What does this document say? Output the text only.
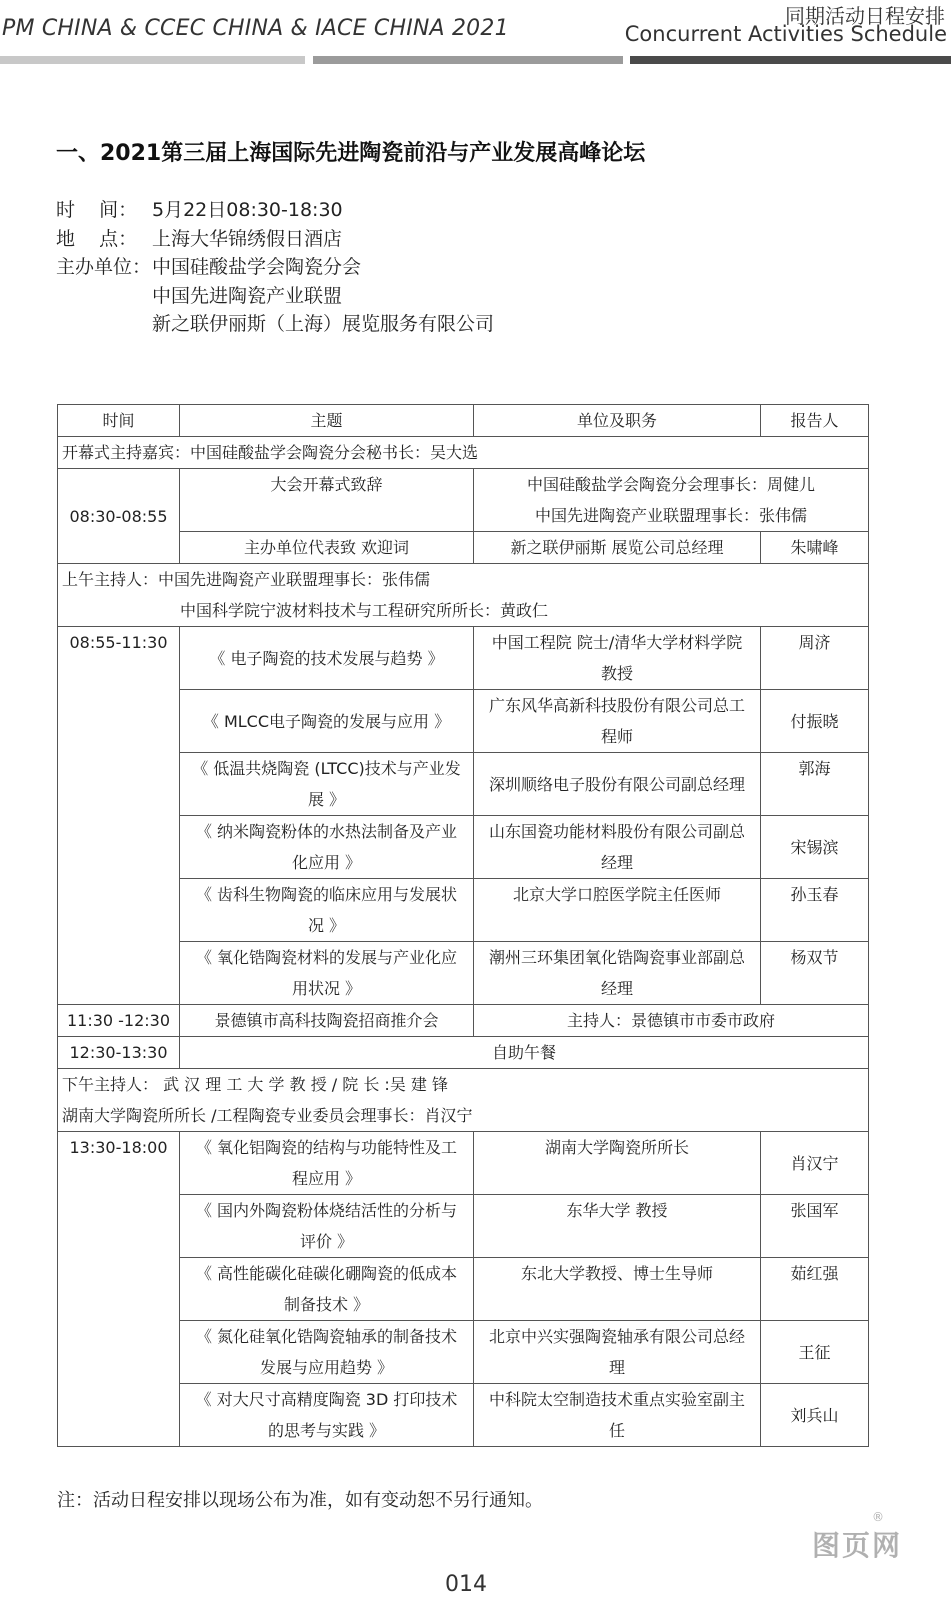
PM CHINA & CCEC CHINA & IACE CHINA 2021	同期活动日程安排
Concurrent Activities Schedule
一、2021第三届上海国际先进陶瓷前沿与产业发展高峰论坛
时    间： 5月22日08:30-18:30
地    点： 上海大华锦绣假日酒店
主办单位： 中国硅酸盐学会陶瓷分会
中国先进陶瓷产业联盟
新之联伊丽斯（上海）展览服务有限公司
时间	主题	单位及职务	报告人
开幕式主持嘉宾：中国硅酸盐学会陶瓷分会秘书长：吴大选			
08:30-08:55	大会开幕式致辞	中国硅酸盐学会陶瓷分会理事长：周健儿
中国先进陶瓷产业联盟理事长：张伟儒	

	主办单位代表致 欢迎词	新之联伊丽斯 展览公司总经理	朱啸峰

上午主持人：中国先进陶瓷产业联盟理事长：张伟儒
中国科学院宁波材料技术与工程研究所所长：黄政仁			

08:55-11:30	《 电子陶瓷的技术发展与趋势 》	中国工程院 院士/清华大学材料学院教授	周济
	《 MLCC电子陶瓷的发展与应用 》	广东风华高新科技股份有限公司总工程师	付振晓
	《 低温共烧陶瓷 (LTCC)技术与产业发展 》	深圳顺络电子股份有限公司副总经理	郭海
	《 纳米陶瓷粉体的水热法制备及产业化应用 》	山东国瓷功能材料股份有限公司副总 经理	宋锡滨
	《 齿科生物陶瓷的临床应用与发展状况 》	北京大学口腔医学院主任医师	孙玉春
	《 氧化锆陶瓷材料的发展与产业化应用状况 》	潮州三环集团氧化锆陶瓷事业部副总经理	杨双节
11:30 -12:30	景德镇市高科技陶瓷招商推介会	主持人：景德镇市市委市政府	
12:30-13:30	自助午餐		

下午主持人： 武 汉 理 工 大 学 教 授 / 院 长 :吴 建 锋
湖南大学陶瓷所所长 /工程陶瓷专业委员会理事长：肖汉宁			

13:30-18:00	《 氧化铝陶瓷的结构与功能特性及工程应用 》	湖南大学陶瓷所所长	肖汉宁
	《 国内外陶瓷粉体烧结活性的分析与评价 》	东华大学 教授	张国军
	《 高性能碳化硅碳化硼陶瓷的低成本制备技术 》	东北大学教授、博士生导师	茹红强
	《 氮化硅氧化锆陶瓷轴承的制备技术发展与应用趋势 》	北京中兴实强陶瓷轴承有限公司总经理	王征
	《 对大尺寸高精度陶瓷 3D 打印技术的思考与实践 》	中科院太空制造技术重点实验室副主任	刘兵山
注：活动日程安排以现场公布为准，如有变动恕不另行通知。
014
图页网
®
